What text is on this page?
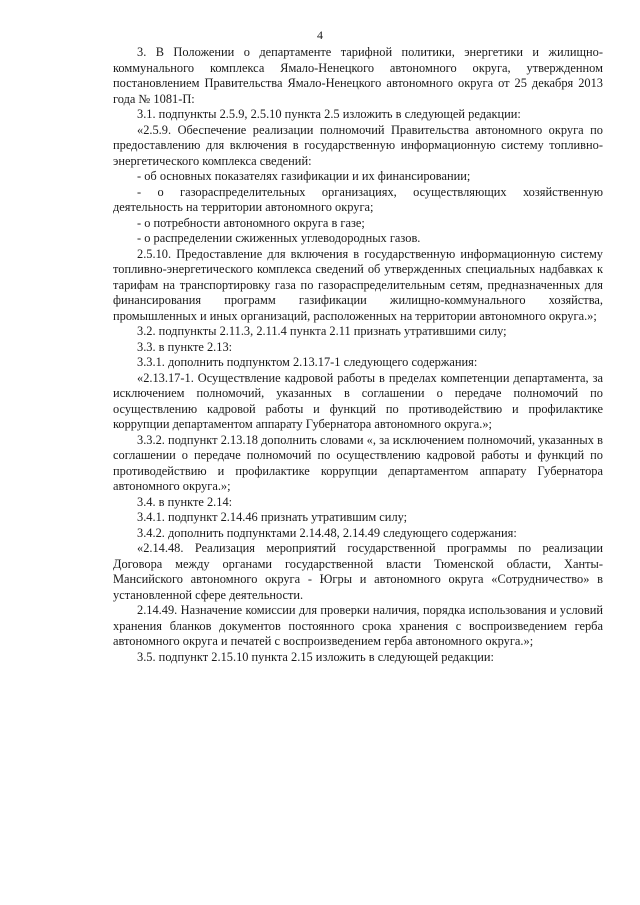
4

3. В Положении о департаменте тарифной политики, энергетики и жилищно-коммунального комплекса Ямало-Ненецкого автономного округа, утвержденном постановлением Правительства Ямало-Ненецкого автономного округа от 25 декабря 2013 года № 1081-П:

3.1. подпункты 2.5.9, 2.5.10 пункта 2.5 изложить в следующей редакции:

«2.5.9. Обеспечение реализации полномочий Правительства автономного округа по предоставлению для включения в государственную информационную систему топливно-энергетического комплекса сведений:

- об основных показателях газификации и их финансировании;

- о газораспределительных организациях, осуществляющих хозяйственную деятельность на территории автономного округа;

- о потребности автономного округа в газе;

- о распределении сжиженных углеводородных газов.

2.5.10. Предоставление для включения в государственную информационную систему топливно-энергетического комплекса сведений об утвержденных специальных надбавках к тарифам на транспортировку газа по газораспределительным сетям, предназначенных для финансирования программ газификации жилищно-коммунального хозяйства, промышленных и иных организаций, расположенных на территории автономного округа.»;

3.2. подпункты 2.11.3, 2.11.4 пункта 2.11 признать утратившими силу;

3.3. в пункте 2.13:

3.3.1. дополнить подпунктом 2.13.17-1 следующего содержания:

«2.13.17-1. Осуществление кадровой работы в пределах компетенции департамента, за исключением полномочий, указанных в соглашении о передаче полномочий по осуществлению кадровой работы и функций по противодействию и профилактике коррупции департаментом аппарату Губернатора автономного округа.»;

3.3.2. подпункт 2.13.18 дополнить словами «, за исключением полномочий, указанных в соглашении о передаче полномочий по осуществлению кадровой работы и функций по противодействию и профилактике коррупции департаментом аппарату Губернатора автономного округа.»;

3.4. в пункте 2.14:

3.4.1. подпункт 2.14.46 признать утратившим силу;

3.4.2. дополнить подпунктами 2.14.48, 2.14.49 следующего содержания:

«2.14.48. Реализация мероприятий государственной программы по реализации Договора между органами государственной власти Тюменской области, Ханты-Мансийского автономного округа - Югры и автономного округа «Сотрудничество» в установленной сфере деятельности.

2.14.49. Назначение комиссии для проверки наличия, порядка использования и условий хранения бланков документов постоянного срока хранения с воспроизведением герба автономного округа и печатей с воспроизведением герба автономного округа.»;

3.5. подпункт 2.15.10 пункта 2.15 изложить в следующей редакции:
